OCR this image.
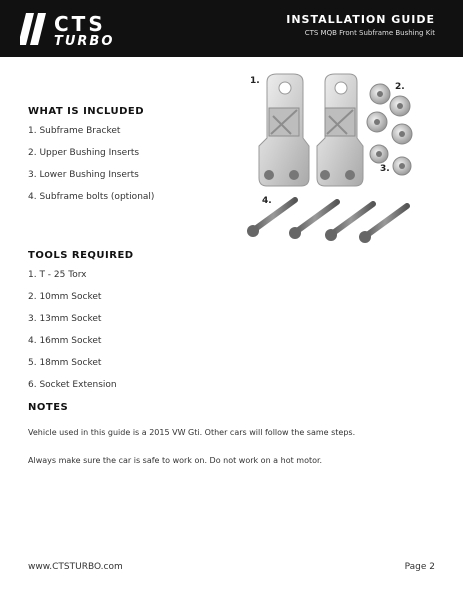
CTS
TURBO
INSTALLATION GUIDE
CTS MQB Front Subframe Bushing Kit
WHAT IS INCLUDED
1. Subframe Bracket
2. Upper Bushing Inserts
3. Lower Bushing Inserts
4. Subframe bolts (optional)
1.
2.
3.
4.
TOOLS REQUIRED
1. T - 25 Torx
2. 10mm Socket
3. 13mm Socket
4. 16mm Socket
5. 18mm Socket
6. Socket Extension
NOTES
Vehicle used in this guide is a 2015 VW Gti. Other cars will follow the same steps.
Always make sure the car is safe to work on. Do not work on a hot motor.
www.CTSTURBO.com	Page 2
